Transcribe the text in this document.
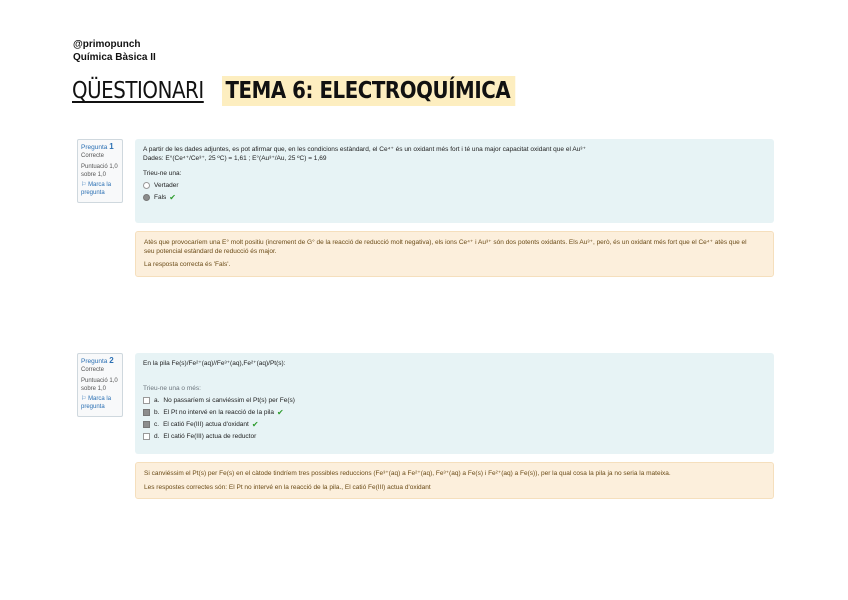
@primopunch
Química Bàsica II
QÜESTIONARI TEMA 6: ELECTROQUÍMICA
Pregunta 1
Correcte
Puntuació 1,0 sobre 1,0
⚐ Marca la pregunta
A partir de les dades adjuntes, es pot afirmar que, en les condicions estàndard, el Ce⁴⁺ és un oxidant més fort i té una major capacitat oxidant que el Au³⁺
Dades: E°(Ce⁴⁺/Ce³⁺, 25 ºC) = 1,61 ; E°(Au³⁺/Au, 25 ºC) = 1,69
Trieu-ne una:
Vertader
Fals ✔
Atès que provocaríem una E° molt positiu (increment de G° de la reacció de reducció molt negativa), els ions Ce⁴⁺ i Au³⁺ són dos potents oxidants. Els Au³⁺, però, és un oxidant més fort que el Ce⁴⁺ atès que el
seu potencial estàndard de reducció és major.
La resposta correcta és 'Fals'.
Pregunta 2
Correcte
Puntuació 1,0 sobre 1,0
⚐ Marca la pregunta
En la pila Fe(s)/Fe²⁺(aq)//Fe³⁺(aq),Fe²⁺(aq)/Pt(s):
Trieu-ne una o més:
a. No passaríem si canviéssim el Pt(s) per Fe(s)
b. El Pt no intervé en la reacció de la pila ✔
c. El catió Fe(III) actua d'oxidant ✔
d. El catió Fe(III) actua de reductor
Si canviéssim el Pt(s) per Fe(s) en el càtode tindríem tres possibles reduccions (Fe³⁺(aq) a Fe²⁺(aq), Fe³⁺(aq) a Fe(s) i Fe²⁺(aq) a Fe(s)), per la qual cosa la pila ja no seria la mateixa.
Les respostes correctes són: El Pt no intervé en la reacció de la pila., El catió Fe(III) actua d'oxidant
